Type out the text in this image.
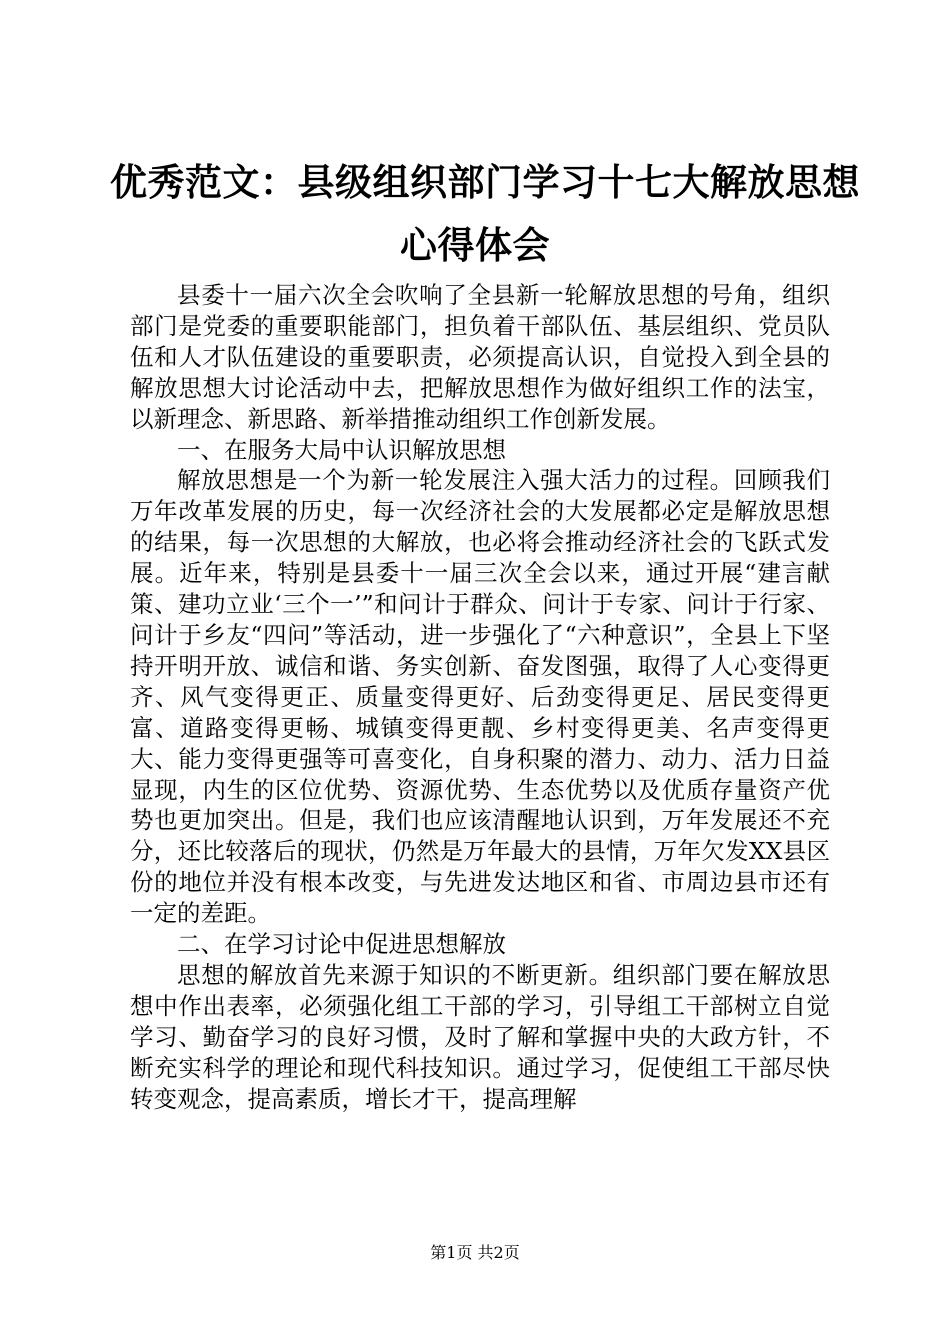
优秀范文：县级组织部门学习十七大解放思想
心得体会

县委十一届六次全会吹响了全县新一轮解放思想的号角，组织部门是党委的重要职能部门，担负着干部队伍、基层组织、党员队伍和人才队伍建设的重要职责，必须提高认识，自觉投入到全县的解放思想大讨论活动中去，把解放思想作为做好组织工作的法宝，以新理念、新思路、新举措推动组织工作创新发展。

一、在服务大局中认识解放思想

解放思想是一个为新一轮发展注入强大活力的过程。回顾我们万年改革发展的历史，每一次经济社会的大发展都必定是解放思想的结果，每一次思想的大解放，也必将会推动经济社会的飞跃式发展。近年来，特别是县委十一届三次全会以来，通过开展“建言献策、建功立业‘三个一’”和问计于群众、问计于专家、问计于行家、问计于乡友“四问”等活动，进一步强化了“六种意识”，全县上下坚持开明开放、诚信和谐、务实创新、奋发图强，取得了人心变得更齐、风气变得更正、质量变得更好、后劲变得更足、居民变得更富、道路变得更畅、城镇变得更靓、乡村变得更美、名声变得更大、能力变得更强等可喜变化，自身积聚的潜力、动力、活力日益显现，内生的区位优势、资源优势、生态优势以及优质存量资产优势也更加突出。但是，我们也应该清醒地认识到，万年发展还不充分，还比较落后的现状，仍然是万年最大的县情，万年欠发XX县区份的地位并没有根本改变，与先进发达地区和省、市周边县市还有一定的差距。

二、在学习讨论中促进思想解放

思想的解放首先来源于知识的不断更新。组织部门要在解放思想中作出表率，必须强化组工干部的学习，引导组工干部树立自觉学习、勤奋学习的良好习惯，及时了解和掌握中央的大政方针，不断充实科学的理论和现代科技知识。通过学习，促使组工干部尽快转变观念，提高素质，增长才干，提高理解

第1页 共2页
